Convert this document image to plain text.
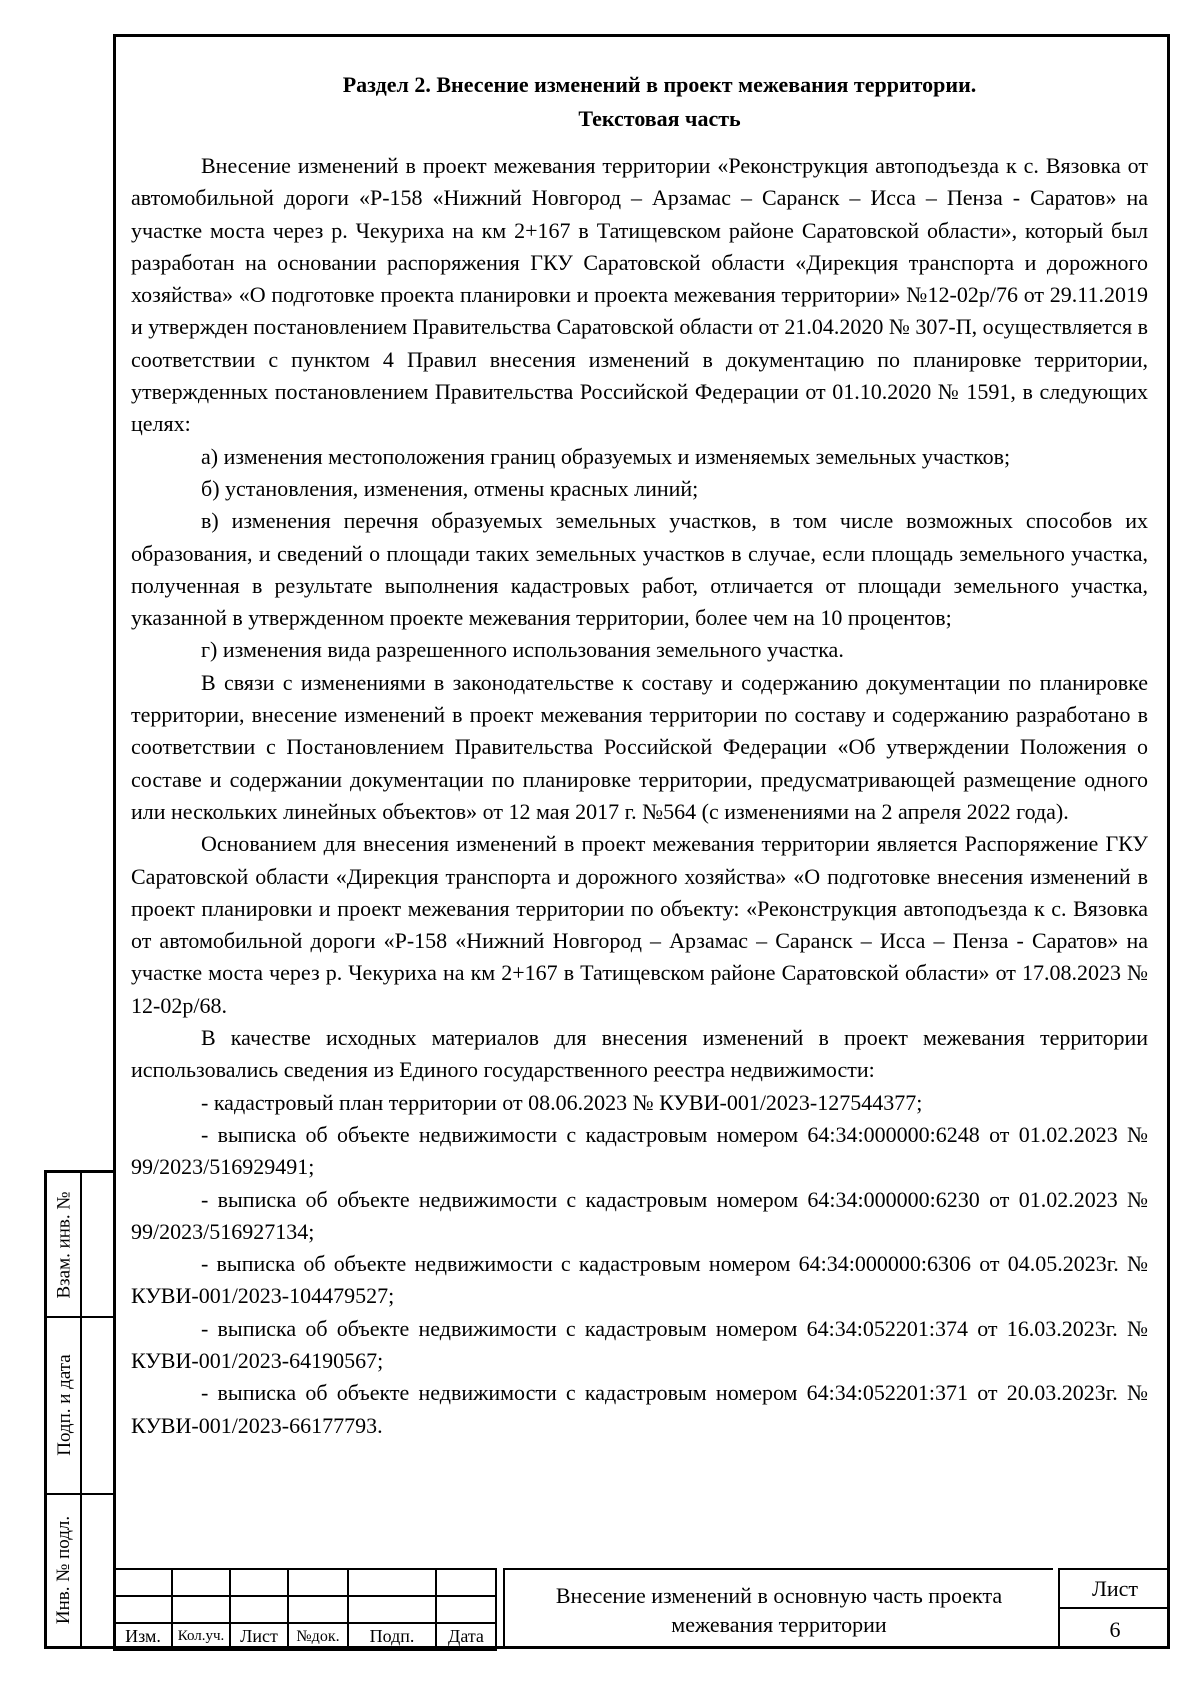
Взам. инв. №
Подп. и дата
Инв. № подл.
Раздел 2. Внесение изменений в проект межевания территории.
Текстовая часть

Внесение изменений в проект межевания территории «Реконструкция автоподъезда к с. Вязовка от автомобильной дороги «Р-158 «Нижний Новгород – Арзамас – Саранск – Исса – Пенза - Саратов» на участке моста через р. Чекуриха на км 2+167 в Татищевском районе Саратовской области», который был разработан на основании распоряжения ГКУ Саратовской области «Дирекция транспорта и дорожного хозяйства» «О подготовке проекта планировки и проекта межевания территории» №12-02р/76 от 29.11.2019 и утвержден постановлением Правительства Саратовской области от 21.04.2020 № 307-П, осуществляется в соответствии с пунктом 4 Правил внесения изменений в документацию по планировке территории, утвержденных постановлением Правительства Российской Федерации от 01.10.2020 № 1591, в следующих целях:

а) изменения местоположения границ образуемых и изменяемых земельных участков;

б) установления, изменения, отмены красных линий;

в) изменения перечня образуемых земельных участков, в том числе возможных способов их образования, и сведений о площади таких земельных участков в случае, если площадь земельного участка, полученная в результате выполнения кадастровых работ, отличается от площади земельного участка, указанной в утвержденном проекте межевания территории, более чем на 10 процентов;

г) изменения вида разрешенного использования земельного участка.

В связи с изменениями в законодательстве к составу и содержанию документации по планировке территории, внесение изменений в проект межевания территории по составу и содержанию разработано в соответствии с Постановлением Правительства Российской Федерации «Об утверждении Положения о составе и содержании документации по планировке территории, предусматривающей размещение одного или нескольких линейных объектов» от 12 мая 2017 г. №564 (с изменениями на 2 апреля 2022 года).

Основанием для внесения изменений в проект межевания территории является Распоряжение ГКУ Саратовской области «Дирекция транспорта и дорожного хозяйства» «О подготовке внесения изменений в проект планировки и проект межевания территории по объекту: «Реконструкция автоподъезда к с. Вязовка от автомобильной дороги «Р-158 «Нижний Новгород – Арзамас – Саранск – Исса – Пенза - Саратов» на участке моста через р. Чекуриха на км 2+167 в Татищевском районе Саратовской области» от 17.08.2023 № 12-02р/68.

В качестве исходных материалов для внесения изменений в проект межевания территории использовались сведения из Единого государственного реестра недвижимости:

- кадастровый план территории от 08.06.2023 № КУВИ-001/2023-127544377;

- выписка об объекте недвижимости с кадастровым номером 64:34:000000:6248 от 01.02.2023 № 99/2023/516929491;

- выписка об объекте недвижимости с кадастровым номером 64:34:000000:6230 от 01.02.2023 № 99/2023/516927134;

- выписка об объекте недвижимости с кадастровым номером 64:34:000000:6306 от 04.05.2023г. № КУВИ-001/2023-104479527;

- выписка об объекте недвижимости с кадастровым номером 64:34:052201:374 от 16.03.2023г. № КУВИ-001/2023-64190567;

- выписка об объекте недвижимости с кадастровым номером 64:34:052201:371 от 20.03.2023г. № КУВИ-001/2023-66177793.

Изм.	Кол.уч.	Лист	№док.	Подп.	Дата
Внесение изменений в основную часть проекта межевания территории
Лист
6
